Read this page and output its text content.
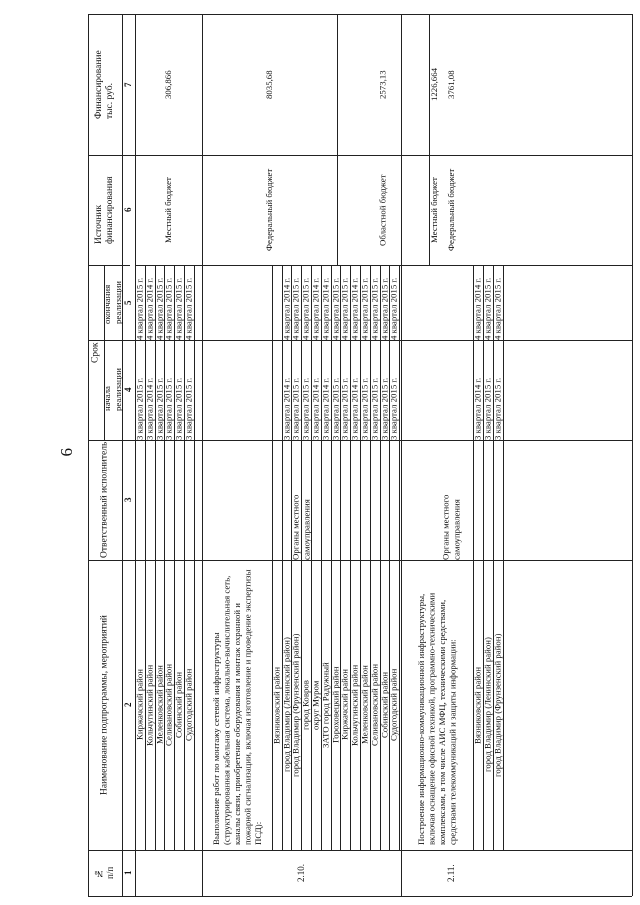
6
№
п/п
Наименование подпрограммы, мероприятий
Ответственный исполнитель
Срок
начала
реализации
окончания
реализации
Источник
финансирования
Финансирование
тыс. руб.
1
2
3
4
5
6
7
Киржачский район
3 квартал 2015 г.
4 квартал 2015 г.
Кольчугинский район
3 квартал 2014 г.
4 квартал 2014 г.
Меленковский район
3 квартал 2015 г.
4 квартал 2015 г.
Селивановский район
3 квартал 2015 г.
4 квартал 2015 г.
Собинский район
3 квартал 2015 г.
4 квартал 2015 г.
Судогодский район
3 квартал 2015 г.
4 квартал 2015 г.
Местный бюджет
306,866
Выполнение работ по монтажу сетевой инфраструктуры (структурированная кабельная система, локально-вычислительная сеть, каналы связи, приобретение оборудования и монтаж охранной и пожарной сигнализации, включая изготовление и проведение экспертизы ПСД):
Вязниковский район город Владимир (Ленинский район)
3 квартал 2014 г.
4 квартал 2014 г.
город Владимир (Фрунзенский район)
3 квартал 2015 г.
4 квартал 2015 г.
город Ковров
3 квартал 2015 г.
4 квартал 2015 г.
округ Муром
3 квартал 2014 г.
4 квартал 2014 г.
ЗАТО город Радужный
3 квартал 2014 г.
4 квартал 2014 г.
Гороховецкий район
3 квартал 2015 г.
4 квартал 2015 г.
Киржачский район
3 квартал 2015 г.
4 квартал 2015 г.
Кольчугинский район
3 квартал 2014 г.
4 квартал 2014 г.
Меленковский район
3 квартал 2015 г.
4 квартал 2015 г.
Селивановский район
3 квартал 2015 г.
4 квартал 2015 г.
Собинский район
3 квартал 2015 г.
4 квартал 2015 г.
Судогодский район
3 квартал 2015 г.
4 квартал 2015 г.
2.10.
Органы местного самоуправления
Федеральный бюджет
8035,68
Областной бюджет
2573,13
Местный бюджет
1226,664
Построение информационно-коммуникационной инфраструктуры, включая оснащение офисной техникой, программно-техническими комплексами, в том числе АИС МФЦ, техническими средствами, средствами телекоммуникаций и защиты информации: Вязниковский район
3 квартал 2014 г.
4 квартал 2014 г.
город Владимир (Ленинский район)
3 квартал 2015 г.
4 квартал 2015 г.
город Владимир (Фрунзенский район)
3 квартал 2015 г.
4 квартал 2015 г.
2.11.
Органы местного самоуправления
Федеральный бюджет
3761,08
